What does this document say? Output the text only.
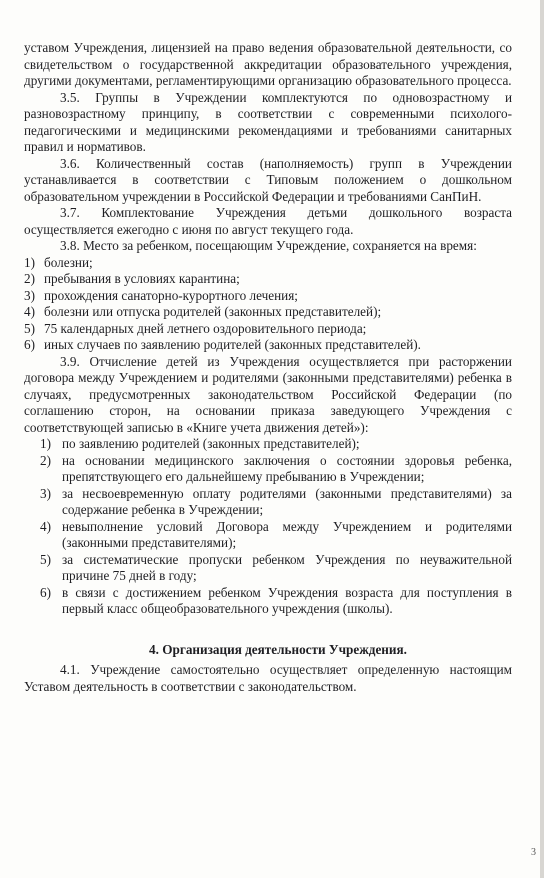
уставом Учреждения, лицензией на право ведения образовательной деятельности, со свидетельством о государственной аккредитации образовательного учреждения, другими документами, регламентирующими организацию образовательного процесса.

3.5. Группы в Учреждении комплектуются по одновозрастному и разновозрастному принципу, в соответствии с современными психолого-педагогическими и медицинскими рекомендациями и требованиями санитарных правил и нормативов.

3.6. Количественный состав (наполняемость) групп в Учреждении устанавливается в соответствии с Типовым положением о дошкольном образовательном учреждении в Российской Федерации и требованиями СанПиН.

3.7. Комплектование Учреждения детьми дошкольного возраста осуществляется ежегодно с июня по август текущего года.

3.8. Место за ребенком, посещающим Учреждение, сохраняется на время:

1) болезни;
2) пребывания в условиях карантина;
3) прохождения санаторно-курортного лечения;
4) болезни или отпуска родителей (законных представителей);
5) 75 календарных дней летнего оздоровительного периода;
6) иных случаев по заявлению родителей (законных представителей).

3.9. Отчисление детей из Учреждения осуществляется при расторжении договора между Учреждением и родителями (законными представителями) ребенка в случаях, предусмотренных законодательством Российской Федерации (по соглашению сторон, на основании приказа заведующего Учреждения с соответствующей записью в «Книге учета движения детей»):

1) по заявлению родителей (законных представителей);
2) на основании медицинского заключения о состоянии здоровья ребенка, препятствующего его дальнейшему пребыванию в Учреждении;
3) за несвоевременную оплату родителями (законными представителями) за содержание ребенка в Учреждении;
4) невыполнение условий Договора между Учреждением и родителями (законными представителями);
5) за систематические пропуски ребенком Учреждения по неуважительной причине 75 дней в году;
6) в связи с достижением ребенком Учреждения возраста для поступления в первый класс общеобразовательного учреждения (школы).

4. Организация деятельности Учреждения.

4.1. Учреждение самостоятельно осуществляет определенную настоящим Уставом деятельность в соответствии с законодательством.

3
